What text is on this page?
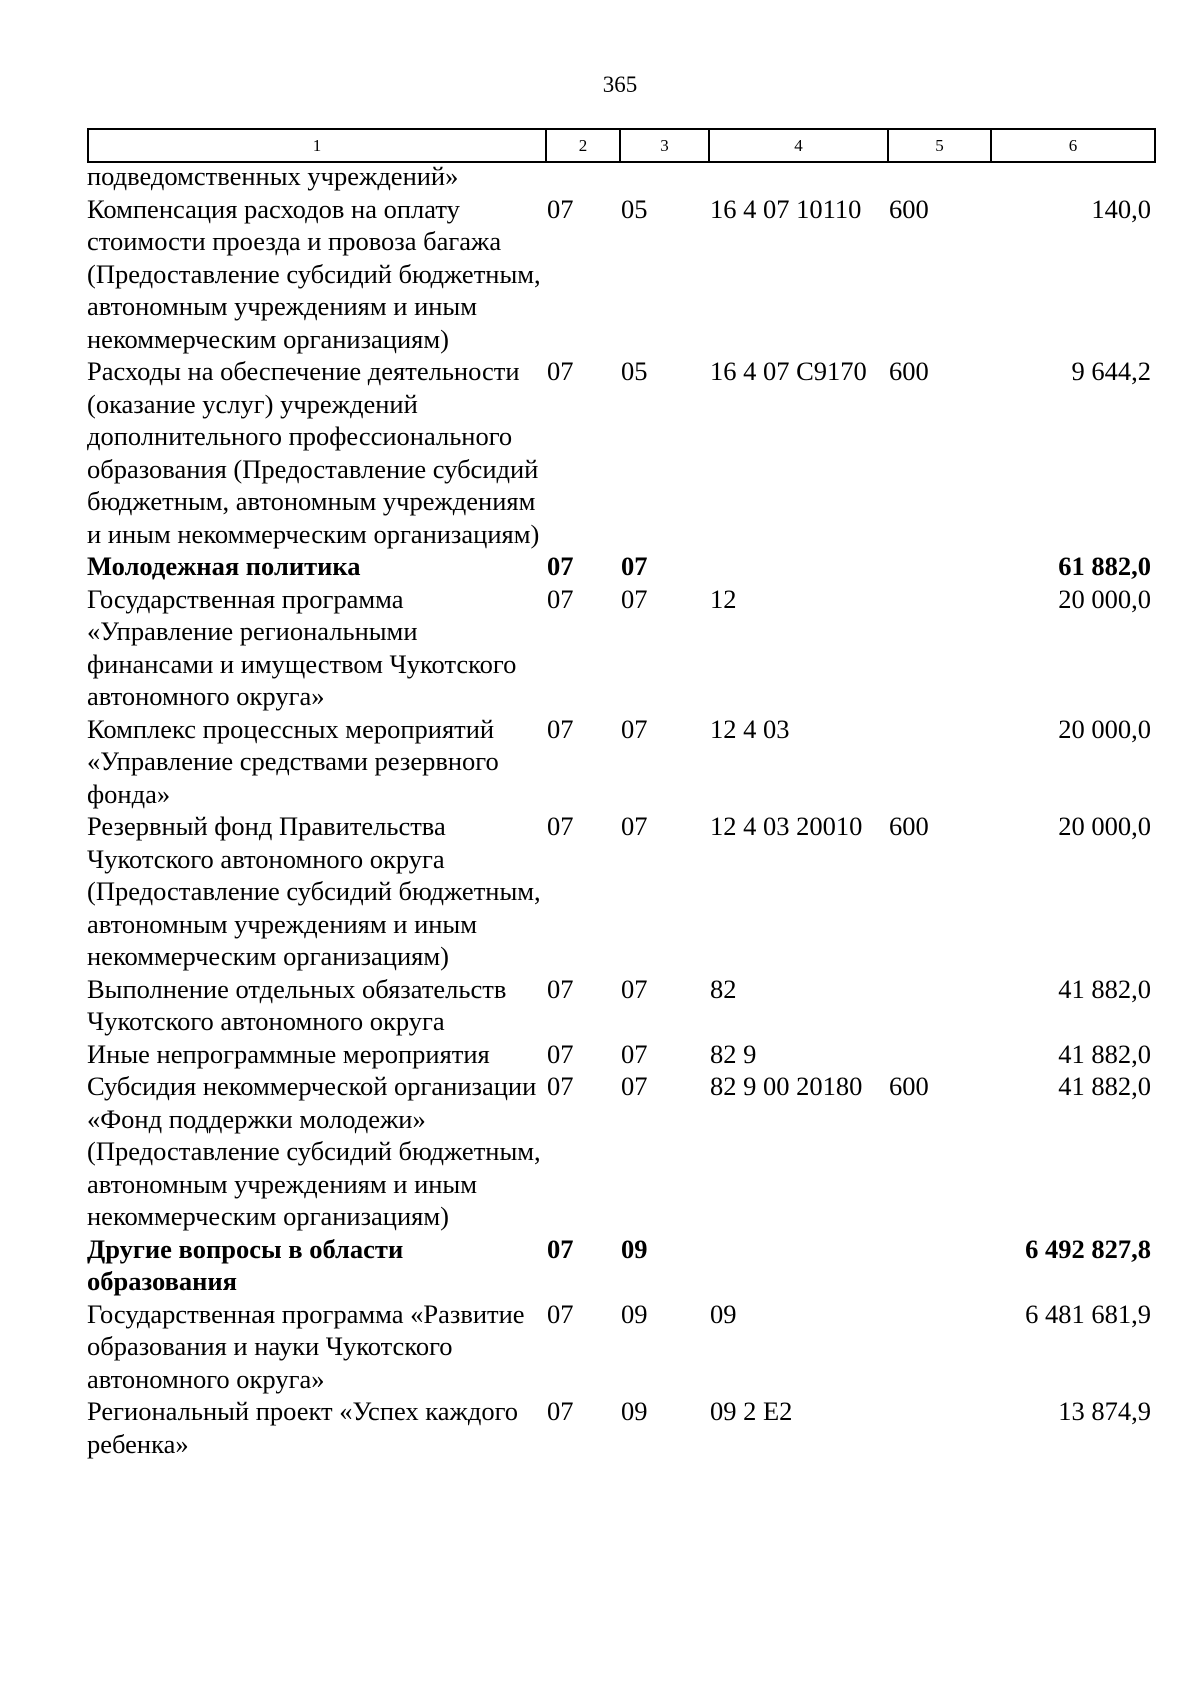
365
1	2	3	4	5	6
подведомственных учреждений»					
Компенсация расходов на оплату стоимости проезда и провоза багажа (Предоставление субсидий бюджетным, автономным учреждениям и иным некоммерческим организациям)	07	05	16 4 07 10110	600	140,0
Расходы на обеспечение деятельности (оказание услуг) учреждений дополнительного профессионального образования (Предоставление субсидий бюджетным, автономным учреждениям и иным некоммерческим организациям)	07	05	16 4 07 С9170	600	9 644,2
Молодежная политика	07	07			61 882,0
Государственная программа «Управление региональными финансами и имуществом Чукотского автономного округа»	07	07	12		20 000,0
Комплекс процессных мероприятий «Управление средствами резервного фонда»	07	07	12 4 03		20 000,0
Резервный фонд Правительства Чукотского автономного округа (Предоставление субсидий бюджетным, автономным учреждениям и иным некоммерческим организациям)	07	07	12 4 03 20010	600	20 000,0
Выполнение отдельных обязательств Чукотского автономного округа	07	07	82		41 882,0
Иные непрограммные мероприятия	07	07	82 9		41 882,0
Субсидия некоммерческой организации «Фонд поддержки молодежи» (Предоставление субсидий бюджетным, автономным учреждениям и иным некоммерческим организациям)	07	07	82 9 00 20180	600	41 882,0
Другие вопросы в области образования	07	09			6 492 827,8
Государственная программа «Развитие образования и науки Чукотского автономного округа»	07	09	09		6 481 681,9
Региональный проект «Успех каждого ребенка»	07	09	09 2 Е2		13 874,9
